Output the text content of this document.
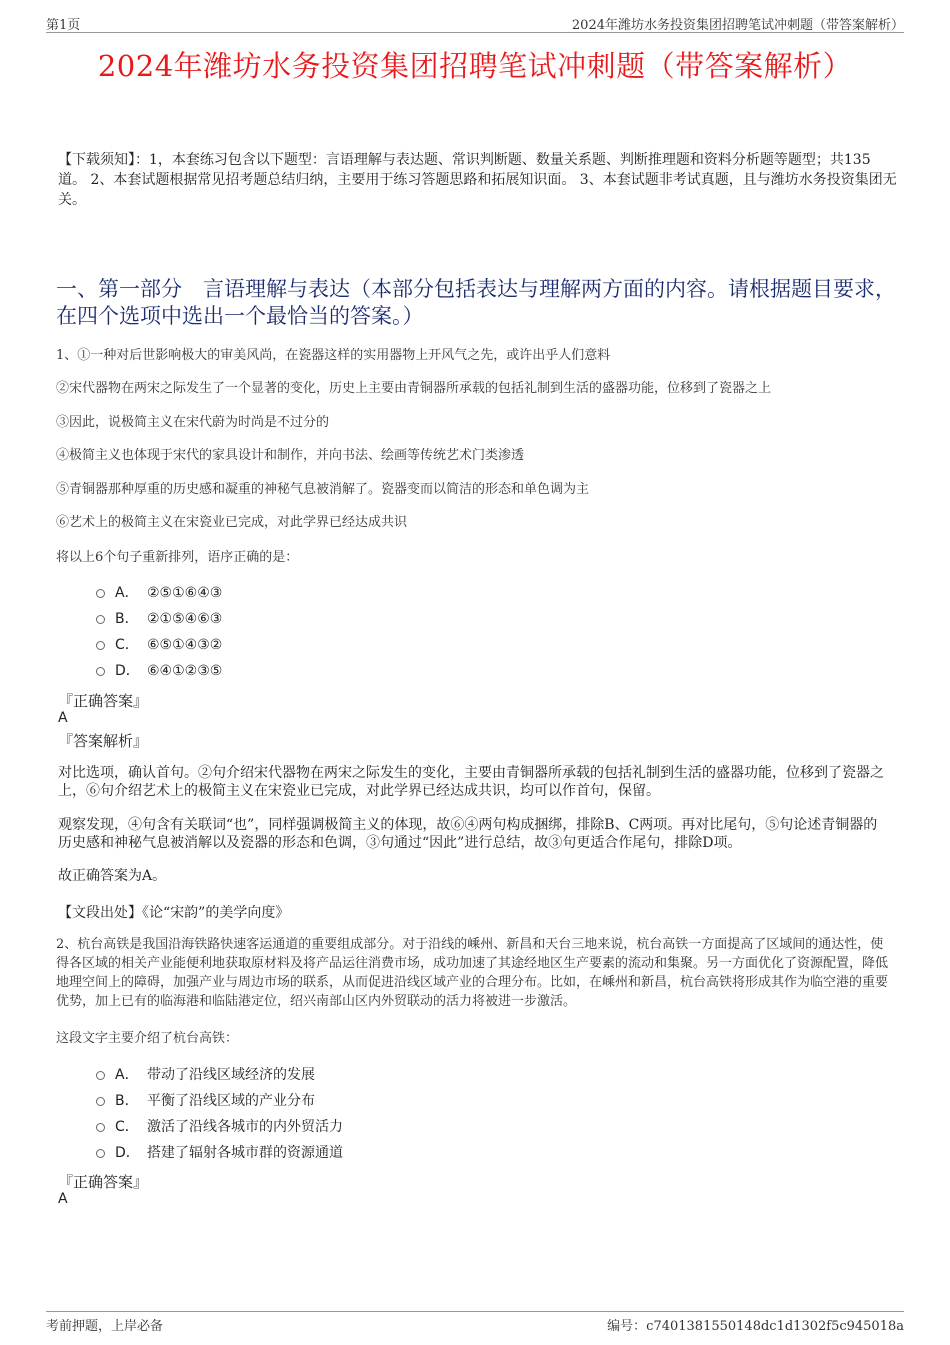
第1页	2024年潍坊水务投资集团招聘笔试冲刺题（带答案解析）
2024年潍坊水务投资集团招聘笔试冲刺题（带答案解析）
【下载须知】：1，本套练习包含以下题型：言语理解与表达题、常识判断题、数量关系题、判断推理题和资料分析题等题型；共135道。 2、本套试题根据常见招考题总结归纳，主要用于练习答题思路和拓展知识面。 3、本套试题非考试真题，且与潍坊水务投资集团无关。
一、第一部分　言语理解与表达（本部分包括表达与理解两方面的内容。请根据题目要求，在四个选项中选出一个最恰当的答案。）
1、①一种对后世影响极大的审美风尚，在瓷器这样的实用器物上开风气之先，或许出乎人们意料
②宋代器物在两宋之际发生了一个显著的变化，历史上主要由青铜器所承载的包括礼制到生活的盛器功能，位移到了瓷器之上
③因此，说极简主义在宋代蔚为时尚是不过分的
④极简主义也体现于宋代的家具设计和制作，并向书法、绘画等传统艺术门类渗透
⑤青铜器那种厚重的历史感和凝重的神秘气息被消解了。瓷器变而以简洁的形态和单色调为主
⑥艺术上的极简主义在宋瓷业已完成，对此学界已经达成共识
将以上6个句子重新排列，语序正确的是：
A． ②⑤①⑥④③
B． ②①⑤④⑥③
C． ⑥⑤①④③②
D． ⑥④①②③⑤
『正确答案』
A
『答案解析』
对比选项，确认首句。②句介绍宋代器物在两宋之际发生的变化，主要由青铜器所承载的包括礼制到生活的盛器功能，位移到了瓷器之上，⑥句介绍艺术上的极简主义在宋瓷业已完成，对此学界已经达成共识，均可以作首句，保留。
观察发现，④句含有关联词“也”，同样强调极简主义的体现，故⑥④两句构成捆绑，排除B、C两项。再对比尾句，⑤句论述青铜器的历史感和神秘气息被消解以及瓷器的形态和色调，③句通过“因此”进行总结，故③句更适合作尾句，排除D项。
故正确答案为A。
【文段出处】《论“宋韵”的美学向度》
2、杭台高铁是我国沿海铁路快速客运通道的重要组成部分。对于沿线的嵊州、新昌和天台三地来说，杭台高铁一方面提高了区域间的通达性，使得各区域的相关产业能便利地获取原材料及将产品运往消费市场，成功加速了其途经地区生产要素的流动和集聚。另一方面优化了资源配置，降低地理空间上的障碍，加强产业与周边市场的联系，从而促进沿线区域产业的合理分布。比如，在嵊州和新昌，杭台高铁将形成其作为临空港的重要优势，加上已有的临海港和临陆港定位，绍兴南部山区内外贸联动的活力将被进一步激活。
这段文字主要介绍了杭台高铁：
A． 带动了沿线区域经济的发展
B． 平衡了沿线区域的产业分布
C． 激活了沿线各城市的内外贸活力
D． 搭建了辐射各城市群的资源通道
『正确答案』
A
考前押题，上岸必备	编号：c7401381550148dc1d1302f5c945018a
